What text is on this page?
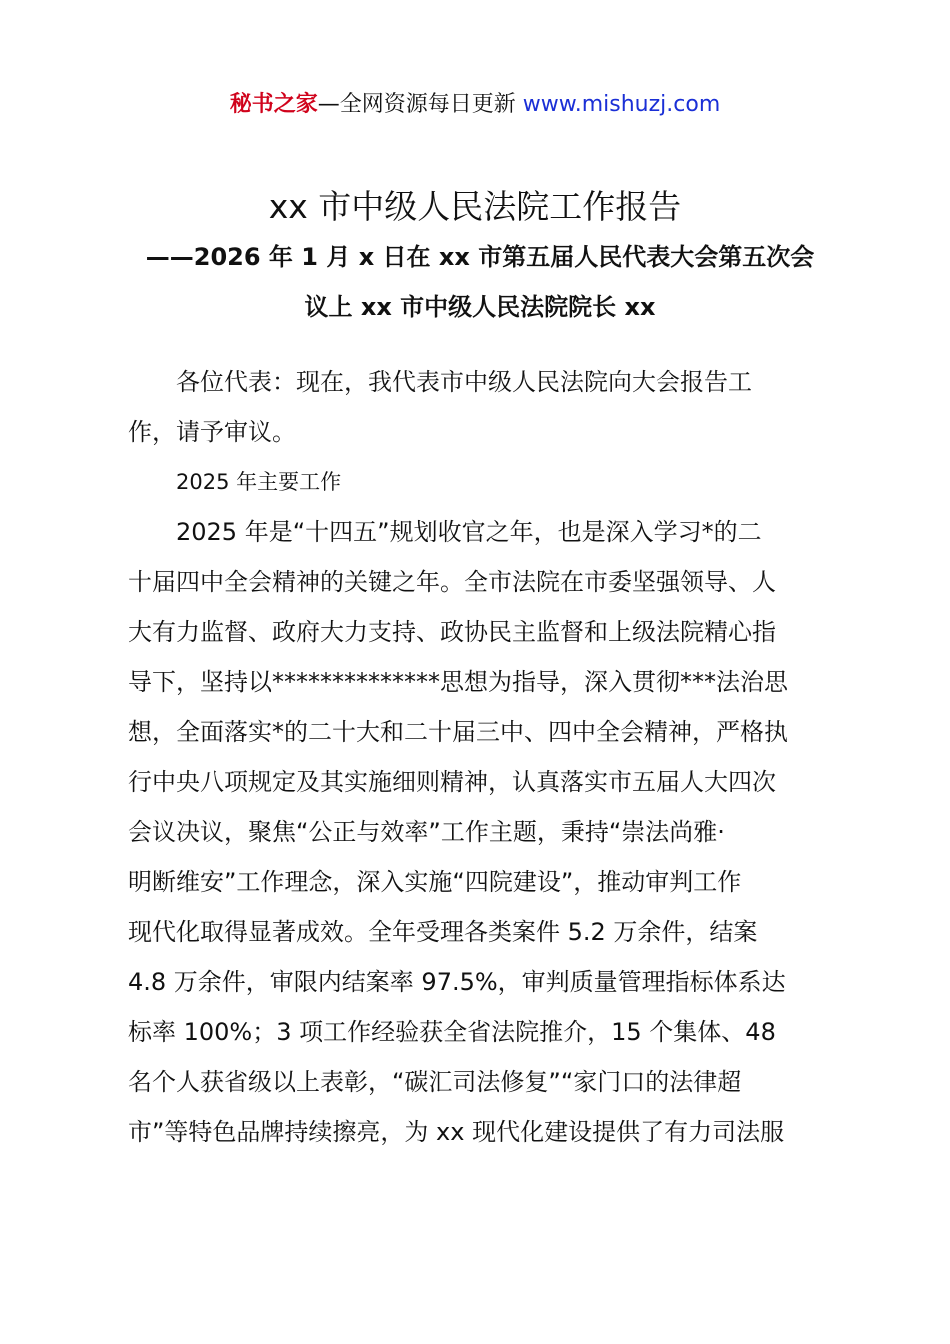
秘书之家—全网资源每日更新 www.mishuzj.com
xx 市中级人民法院工作报告
——2026 年 1 月 x 日在 xx 市第五届人民代表大会第五次会
议上 xx 市中级人民法院院长 xx
各位代表：现在，我代表市中级人民法院向大会报告工
作，请予审议。
2025 年主要工作
2025 年是“十四五”规划收官之年，也是深入学习*的二
十届四中全会精神的关键之年。全市法院在市委坚强领导、人
大有力监督、政府大力支持、政协民主监督和上级法院精心指
导下，坚持以**************思想为指导，深入贯彻***法治思
想，全面落实*的二十大和二十届三中、四中全会精神，严格执
行中央八项规定及其实施细则精神，认真落实市五届人大四次
会议决议，聚焦“公正与效率”工作主题，秉持“崇法尚雅·
明断维安”工作理念，深入实施“四院建设”，推动审判工作
现代化取得显著成效。全年受理各类案件 5.2 万余件，结案
4.8 万余件，审限内结案率 97.5%，审判质量管理指标体系达
标率 100%；3 项工作经验获全省法院推介，15 个集体、48
名个人获省级以上表彰，“碳汇司法修复”“家门口的法律超
市”等特色品牌持续擦亮，为 xx 现代化建设提供了有力司法服
